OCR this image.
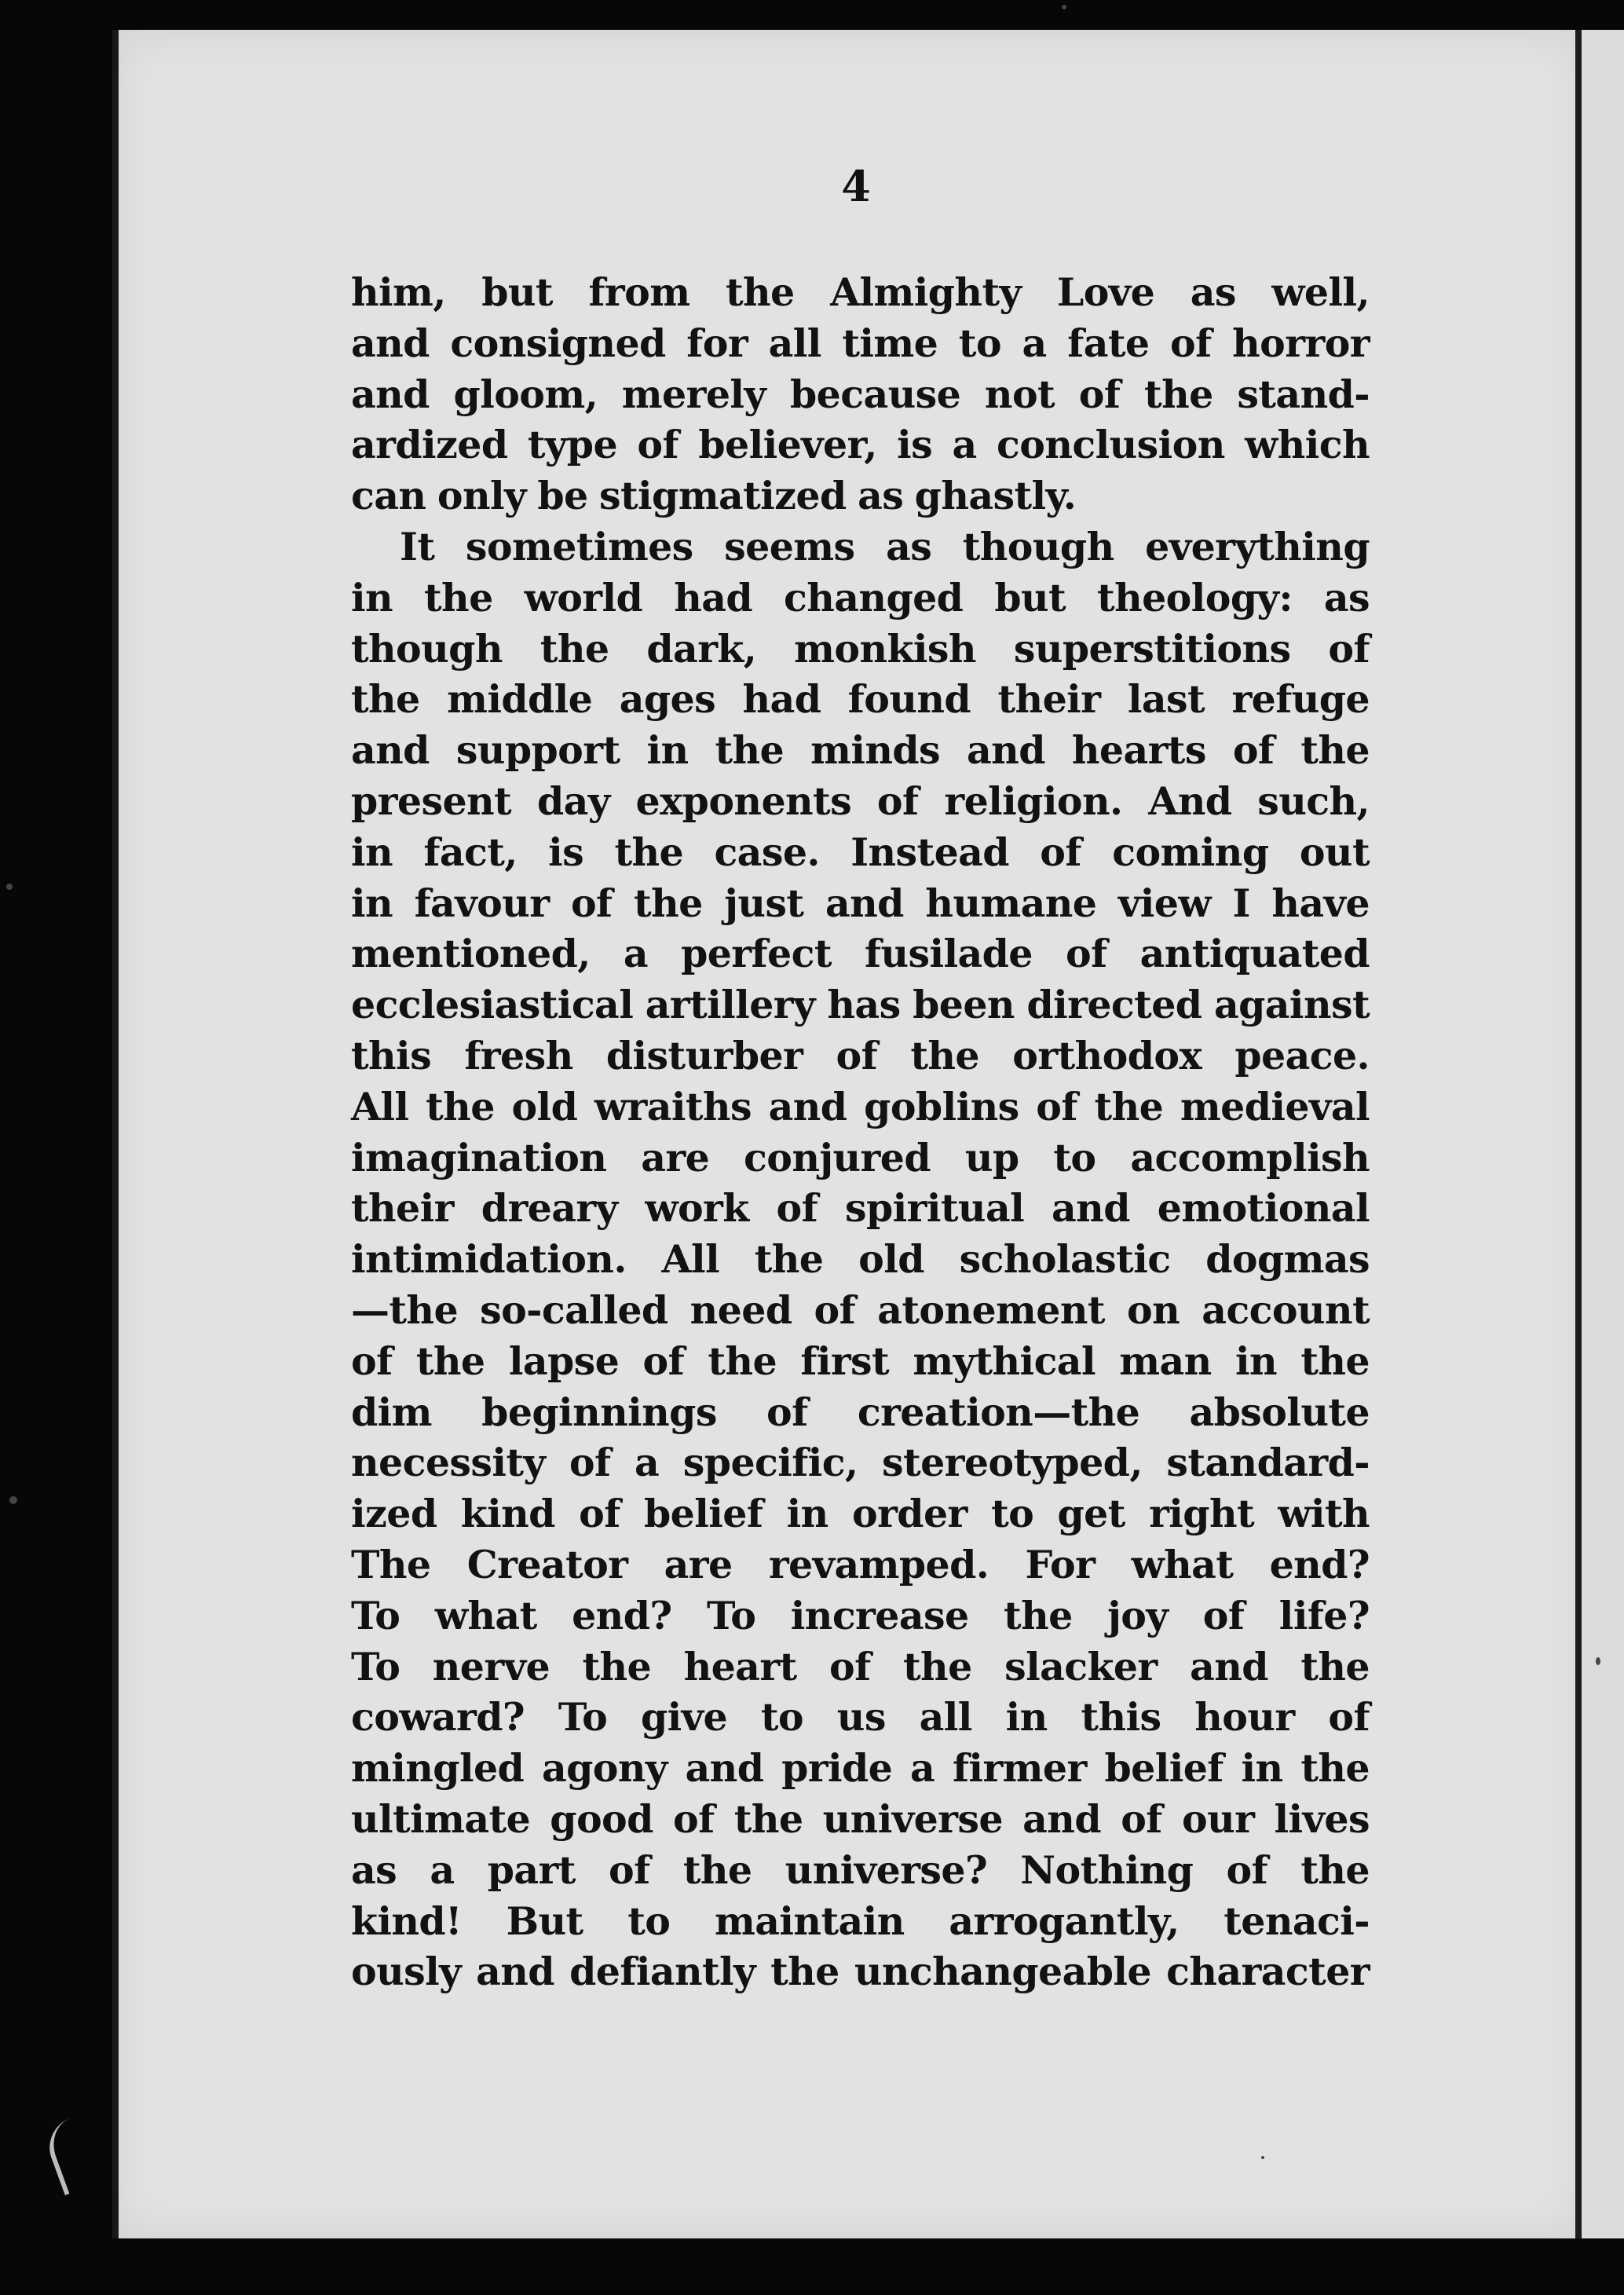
4
him, but from the Almighty Love as well,
and consigned for all time to a fate of horror
and gloom, merely because not of the stand-
ardized type of believer, is a conclusion which
can only be stigmatized as ghastly.
It sometimes seems as though everything
in the world had changed but theology: as
though the dark, monkish superstitions of
the middle ages had found their last refuge
and support in the minds and hearts of the
present day exponents of religion. And such,
in fact, is the case. Instead of coming out
in favour of the just and humane view I have
mentioned, a perfect fusilade of antiquated
ecclesiastical artillery has been directed against
this fresh disturber of the orthodox peace.
All the old wraiths and goblins of the medieval
imagination are conjured up to accomplish
their dreary work of spiritual and emotional
intimidation. All the old scholastic dogmas
—the so-called need of atonement on account
of the lapse of the first mythical man in the
dim beginnings of creation—the absolute
necessity of a specific, stereotyped, standard-
ized kind of belief in order to get right with
The Creator are revamped. For what end?
To what end? To increase the joy of life?
To nerve the heart of the slacker and the
coward? To give to us all in this hour of
mingled agony and pride a firmer belief in the
ultimate good of the universe and of our lives
as a part of the universe? Nothing of the
kind! But to maintain arrogantly, tenaci-
ously and defiantly the unchangeable character
